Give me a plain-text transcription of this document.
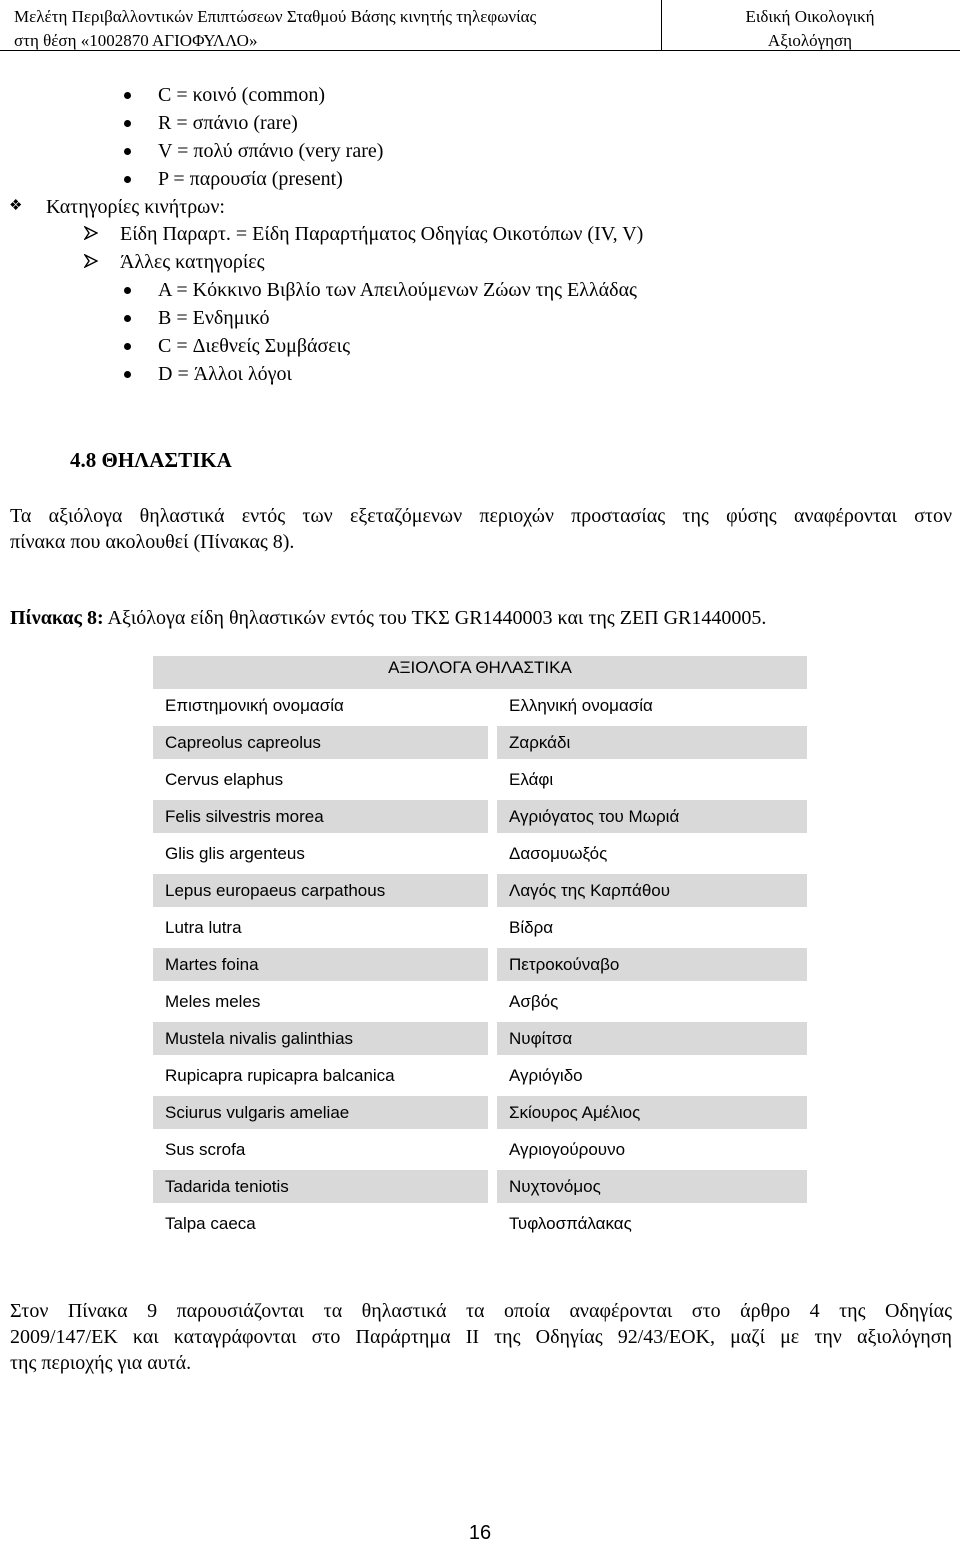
Μελέτη Περιβαλλοντικών Επιπτώσεων Σταθμού Βάσης κινητής τηλεφωνίας
στη θέση «1002870 ΑΓΙΟΦΥΛΛΟ»
Ειδική Οικολογική
Αξιολόγηση
C = κοινό (common)
R = σπάνιο (rare)
V = πολύ σπάνιο (very rare)
P = παρουσία (present)
❖ Κατηγορίες κινήτρων:
Είδη Παραρτ. = Είδη Παραρτήματος Οδηγίας Οικοτόπων (IV, V)
Άλλες κατηγορίες
A = Κόκκινο Βιβλίο των Απειλούμενων Ζώων της Ελλάδας
B = Ενδημικό
C = Διεθνείς Συμβάσεις
D = Άλλοι λόγοι
4.8 ΘΗΛΑΣΤΙΚΑ
Τα αξιόλογα θηλαστικά εντός των εξεταζόμενων περιοχών προστασίας της φύσης αναφέρονται στον
πίνακα που ακολουθεί (Πίνακας 8).
Πίνακας 8: Αξιόλογα είδη θηλαστικών εντός του ΤΚΣ GR1440003 και της ΖΕΠ GR1440005.
ΑΞΙΟΛΟΓΑ ΘΗΛΑΣΤΙΚΑ
Επιστημονική ονομασία	Ελληνική ονομασία
Capreolus capreolus	Ζαρκάδι
Cervus elaphus	Ελάφι
Felis silvestris morea	Αγριόγατος του Μωριά
Glis glis argenteus	Δασομυωξός
Lepus europaeus carpathous	Λαγός της Καρπάθου
Lutra lutra	Βίδρα
Martes foina	Πετροκούναβο
Meles meles	Ασβός
Mustela nivalis galinthias	Νυφίτσα
Rupicapra rupicapra balcanica	Αγριόγιδο
Sciurus vulgaris ameliae	Σκίουρος Αμέλιος
Sus scrofa	Αγριογούρουνο
Tadarida teniotis	Νυχτονόμος
Talpa caeca	Τυφλοσπάλακας
Στον Πίνακα 9 παρουσιάζονται τα θηλαστικά τα οποία αναφέρονται στο άρθρο 4 της Οδηγίας
2009/147/ΕΚ και καταγράφονται στο Παράρτημα ΙΙ της Οδηγίας 92/43/ΕΟΚ, μαζί με την αξιολόγηση
της περιοχής για αυτά.
16
